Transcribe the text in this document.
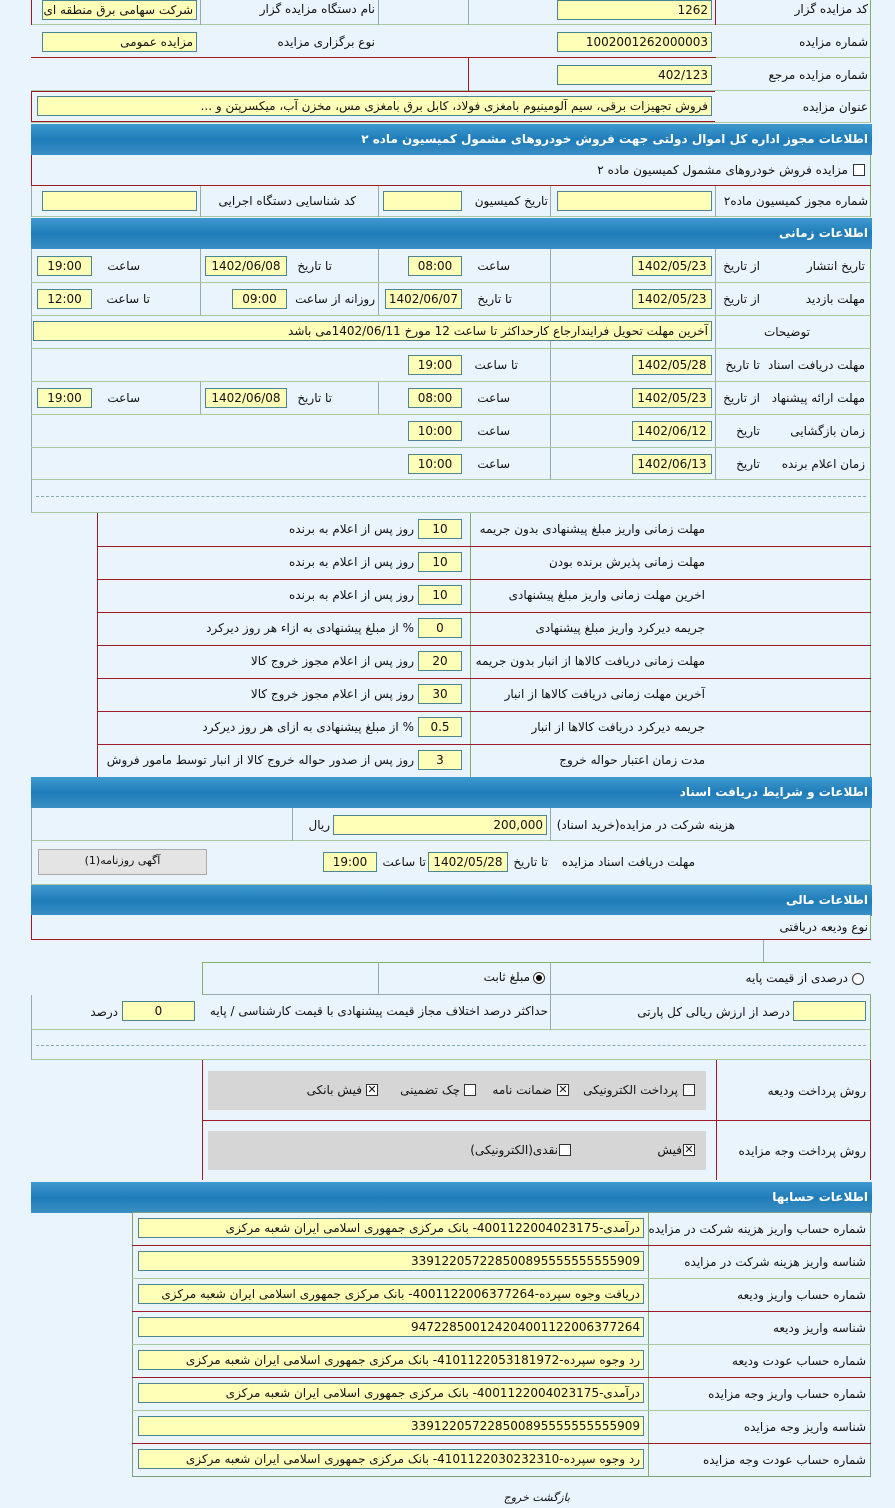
کد مزایده گزار
1262
نام دستگاه مزایده گزار
شرکت سهامی برق منطقه ای
شماره مزایده
1002001262000003
نوع برگزاری مزایده
مزایده عمومی
شماره مزایده مرجع
402/123
عنوان مزایده
فروش تجهیزات برقی، سیم آلومینیوم بامغزی فولاد، کابل برق بامغزی مس، مخزن آب، میکسرپتن و ...
اطلاعات مجوز اداره کل اموال دولتی جهت فروش خودروهای مشمول کمیسیون ماده ۲
مزایده فروش خودروهای مشمول کمیسیون ماده ۲
شماره مجوز کمیسیون ماده۲
تاریخ کمیسیون
کد شناسایی دستگاه اجرایی
اطلاعات زمانی
تاریخ انتشار
از تاریخ
1402/05/23
ساعت
08:00
تا تاریخ
1402/06/08
ساعت
19:00
مهلت بازدید
از تاریخ
1402/05/23
تا تاریخ
1402/06/07
روزانه از ساعت
09:00
تا ساعت
12:00
توضیحات
آخرین مهلت تحویل فرایندارجاع کارحداکثر تا ساعت 12 مورخ 1402/06/11می باشد
مهلت دریافت اسناد
تا تاریخ
1402/05/28
تا ساعت
19:00
مهلت ارائه پیشنهاد
از تاریخ
1402/05/23
ساعت
08:00
تا تاریخ
1402/06/08
ساعت
19:00
زمان بازگشایی
تاریخ
1402/06/12
ساعت
10:00
زمان اعلام برنده
تاریخ
1402/06/13
ساعت
10:00
مهلت زمانی واریز مبلغ پیشنهادی بدون جریمه
10
روز پس از اعلام به برنده
مهلت زمانی پذیرش برنده بودن
10
روز پس از اعلام به برنده
اخرین مهلت زمانی واریز مبلغ پیشنهادی
10
روز پس از اعلام به برنده
جریمه دیرکرد واریز مبلغ پیشنهادی
0
% از مبلغ پیشنهادی به ازاء هر روز دیرکرد
مهلت زمانی دریافت کالاها از انبار بدون جریمه
20
روز پس از اعلام مجوز خروج کالا
آخرین مهلت زمانی دریافت کالاها از انبار
30
روز پس از اعلام مجوز خروج کالا
جریمه دیرکرد دریافت کالاها از انبار
0.5
% از مبلغ پیشنهادی به ازای هر روز دیرکرد
مدت زمان اعتبار حواله خروج
3
روز پس از صدور حواله خروج کالا از انبار توسط مامور فروش
اطلاعات و شرایط دریافت اسناد
هزینه شرکت در مزایده(خرید اسناد)
200,000
ریال
مهلت دریافت اسناد مزایده
تا تاریخ
1402/05/28
تا ساعت
19:00
آگهی روزنامه(1)
اطلاعات مالی
نوع ودیعه دریافتی
درصدی از قیمت پایه
مبلغ ثابت
درصد از ارزش ریالی کل پارتی
حداکثر درصد اختلاف مجاز قیمت پیشنهادی با قیمت کارشناسی / پایه
0
درصد
روش پرداخت ودیعه
پرداخت الکترونیکی
✕
ضمانت نامه
چک تضمینی
✕
فیش بانکی
روش پرداخت وجه مزایده
✕
فیش
نقدی(الکترونیکی)
اطلاعات حسابها
شماره حساب واریز هزینه شرکت در مزایده
درآمدی-4001122004023175- بانک مرکزی جمهوری اسلامی ایران شعبه مرکزی
شناسه واریز هزینه شرکت در مزایده
339122057228500895555555555909
شماره حساب واریز ودیعه
دریافت وجوه سپرده-4001122006377264- بانک مرکزی جمهوری اسلامی ایران شعبه مرکزی
شناسه واریز ودیعه
947228500124204001122006377264
شماره حساب عودت ودیعه
رد وجوه سپرده-4101122053181972- بانک مرکزی جمهوری اسلامی ایران شعبه مرکزی
شماره حساب واریز وجه مزایده
درآمدی-4001122004023175- بانک مرکزی جمهوری اسلامی ایران شعبه مرکزی
شناسه واریز وجه مزایده
339122057228500895555555555909
شماره حساب عودت وجه مزایده
رد وجوه سپرده-4101122030232310- بانک مرکزی جمهوری اسلامی ایران شعبه مرکزی
بازگشت خروج
